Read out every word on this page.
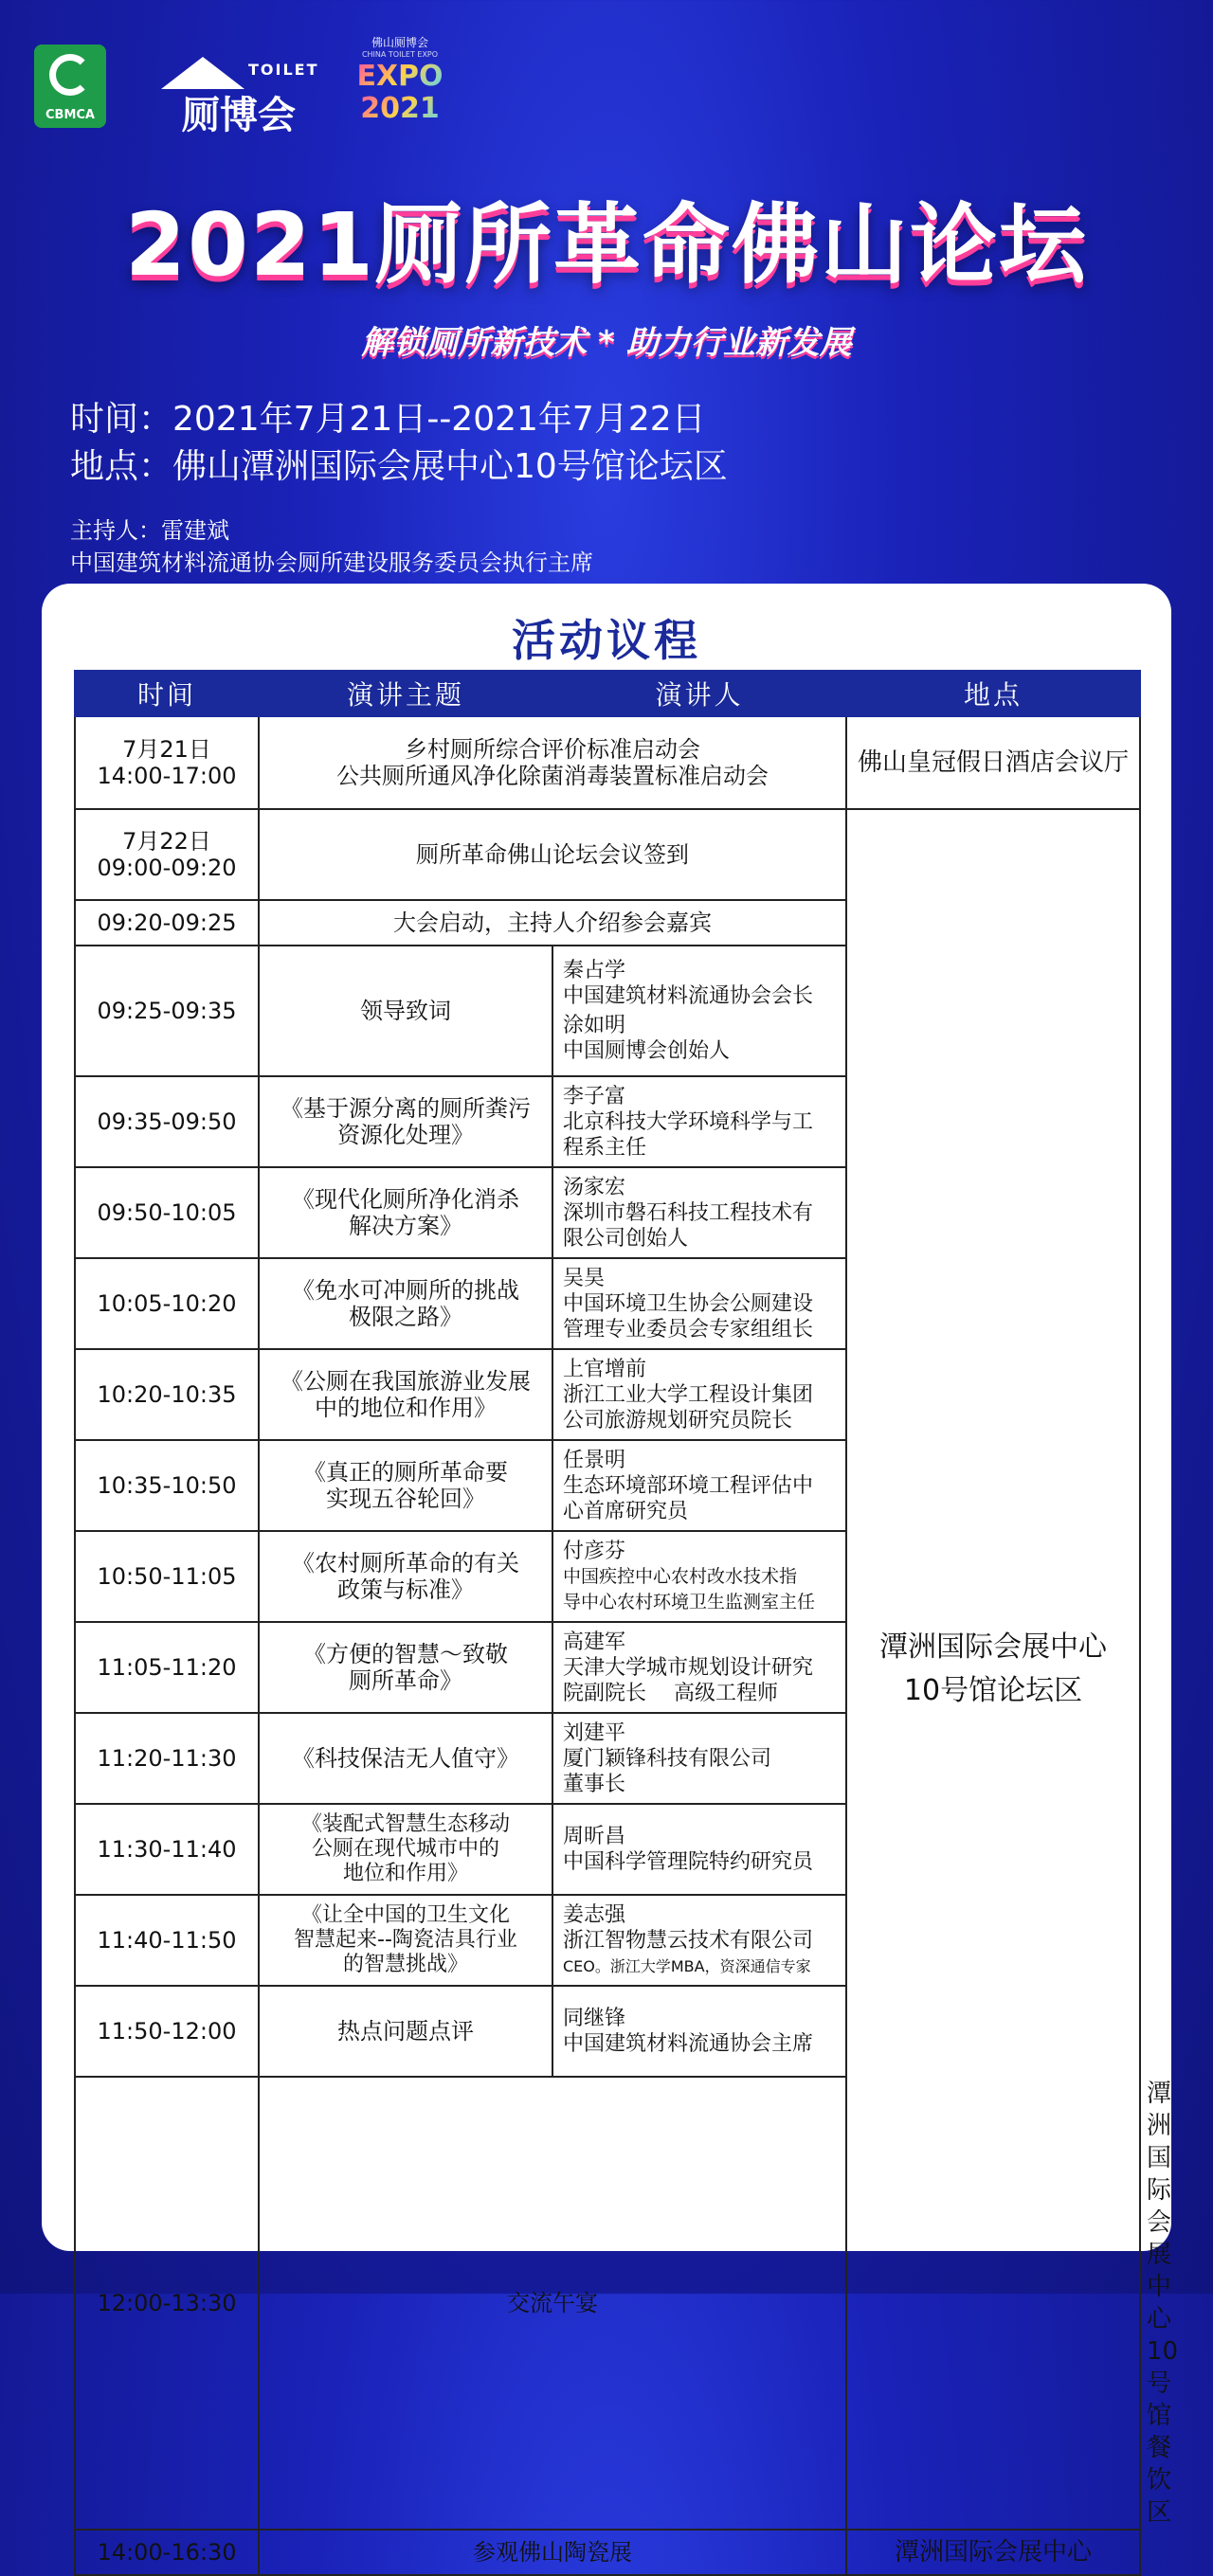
CBMCA
TOILET
厕博会
佛山厕博会
CHINA TOILET EXPO
EXPO
2021
2021厕所革命佛山论坛
解锁厕所新技术 * 助力行业新发展
时间：2021年7月21日--2021年7月22日
地点：佛山潭洲国际会展中心10号馆论坛区
主持人：雷建斌
中国建筑材料流通协会厕所建设服务委员会执行主席
活动议程
时间	演讲主题	演讲人	地点	

7月21日
14:00-17:00	乡村厕所综合评价标准启动会
公共厕所通风净化除菌消毒装置标准启动会		佛山皇冠假日酒店会议厅	

7月22日
09:00-09:20	厕所革命佛山论坛会议签到		潭洲国际会展中心
10号馆论坛区	

09:20-09:25	大会启动，主持人介绍参会嘉宾			
09:25-09:35	领导致词	秦占学
中国建筑材料流通协会会长
涂如明
中国厕博会创始人		

09:35-09:50	《基于源分离的厕所粪污
资源化处理》	李子富
北京科技大学环境科学与工
程系主任		

09:50-10:05	《现代化厕所净化消杀
解决方案》	汤家宏
深圳市磐石科技工程技术有
限公司创始人		

10:05-10:20	《免水可冲厕所的挑战
极限之路》	吴昊
中国环境卫生协会公厕建设
管理专业委员会专家组组长		

10:20-10:35	《公厕在我国旅游业发展
中的地位和作用》	上官增前
浙江工业大学工程设计集团
公司旅游规划研究员院长		

10:35-10:50	《真正的厕所革命要
实现五谷轮回》	任景明
生态环境部环境工程评估中
心首席研究员		

10:50-11:05	《农村厕所革命的有关
政策与标准》	付彦芬
中国疾控中心农村改水技术指
导中心农村环境卫生监测室主任		

11:05-11:20	《方便的智慧～致敬
厕所革命》	高建军
天津大学城市规划设计研究
院副院长　 高级工程师		

11:20-11:30	《科技保洁无人值守》	刘建平
厦门颖锋科技有限公司
董事长		

11:30-11:40	《装配式智慧生态移动
公厕在现代城市中的
地位和作用》	周昕昌
中国科学管理院特约研究员		

11:40-11:50	《让全中国的卫生文化
智慧起来--陶瓷洁具行业
的智慧挑战》	姜志强
浙江智物慧云技术有限公司
CEO。浙江大学MBA，资深通信专家		

11:50-12:00	热点问题点评	同继锋
中国建筑材料流通协会主席		

12:00-13:30	交流午宴			潭洲国际会展中心
10号馆餐饮区

14:00-16:30	参观佛山陶瓷展		潭洲国际会展中心	
